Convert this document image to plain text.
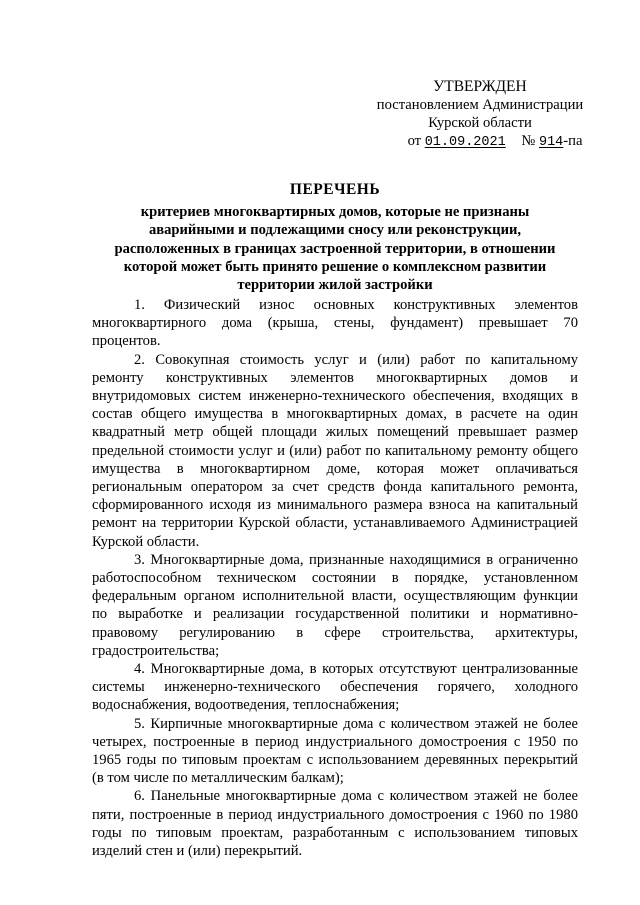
УТВЕРЖДЕН
постановлением Администрации
Курской области
от 01.09.2021 № 914-па
ПЕРЕЧЕНЬ
критериев многоквартирных домов, которые не признаны
аварийными и подлежащими сносу или реконструкции,
расположенных в границах застроенной территории, в отношении
которой может быть принято решение о комплексном развитии
территории жилой застройки
1. Физический износ основных конструктивных элементов
многоквартирного дома (крыша, стены, фундамент) превышает 70
процентов.
2. Совокупная стоимость услуг и (или) работ по капитальному
ремонту конструктивных элементов многоквартирных домов и
внутридомовых систем инженерно-технического обеспечения, входящих в
состав общего имущества в многоквартирных домах, в расчете на один
квадратный метр общей площади жилых помещений превышает размер
предельной стоимости услуг и (или) работ по капитальному ремонту общего
имущества в многоквартирном доме, которая может оплачиваться
региональным оператором за счет средств фонда капитального ремонта,
сформированного исходя из минимального размера взноса на капитальный
ремонт на территории Курской области, устанавливаемого Администрацией
Курской области.
3. Многоквартирные дома, признанные находящимися в ограниченно
работоспособном техническом состоянии в порядке, установленном
федеральным органом исполнительной власти, осуществляющим функции
по выработке и реализации государственной политики и нормативно-
правовому регулированию в сфере строительства, архитектуры,
градостроительства;
4. Многоквартирные дома, в которых отсутствуют централизованные
системы инженерно-технического обеспечения горячего, холодного
водоснабжения, водоотведения, теплоснабжения;
5. Кирпичные многоквартирные дома с количеством этажей не более
четырех, построенные в период индустриального домостроения с 1950 по
1965 годы по типовым проектам с использованием деревянных перекрытий
(в том числе по металлическим балкам);
6. Панельные многоквартирные дома с количеством этажей не более
пяти, построенные в период индустриального домостроения с 1960 по 1980
годы по типовым проектам, разработанным с использованием типовых
изделий стен и (или) перекрытий.
